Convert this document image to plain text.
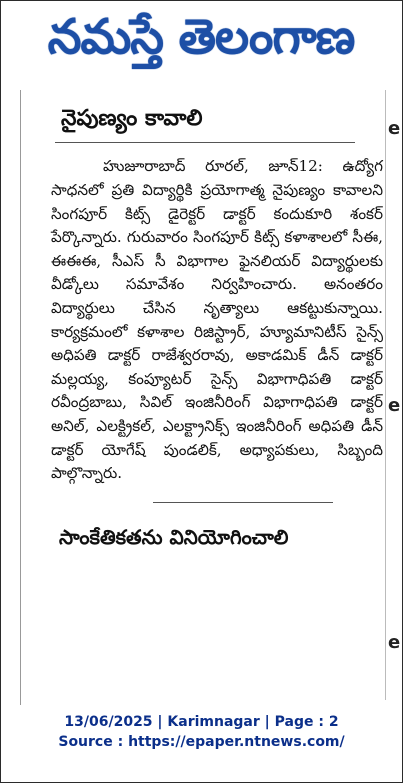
నమస్తే తెలంగాణ
నైపుణ్యం కావాలి
హుజూరాబాద్ రూరల్, జూన్12: ఉద్యోగ సాధనలో ప్రతి విద్యార్థికి ప్రయోగాత్మ నైపుణ్యం కావాలని సింగపూర్ కిట్స్ డైరెక్టర్ డాక్టర్ కందుకూరి శంకర్ పేర్కొన్నారు. గురువారం సింగపూర్ కిట్స్ కళాశాలలో సీఈ, ఈఈఈ, సీఎస్ సీ విభాగాల ఫైనలియర్ విద్యార్థులకు వీడ్కోలు సమావేశం నిర్వహించారు. అనంతరం విద్యార్థులు చేసిన నృత్యాలు ఆకట్టుకున్నాయి. కార్యక్రమంలో కళాశాల రిజిస్ట్రార్, హ్యూమానిటీస్ సైన్స్ అధిపతి డాక్టర్ రాజేశ్వరరావు, అకాడమిక్ డీన్ డాక్టర్ మల్లయ్య, కంప్యూటర్ సైన్స్ విభాగాధిపతి డాక్టర్ రవీంద్రబాబు, సివిల్ ఇంజినీరింగ్ విభాగాధిపతి డాక్టర్ అనిల్, ఎలక్ట్రికల్, ఎలక్ట్రానిక్స్ ఇంజినీరింగ్ అధిపతి డీన్ డాక్టర్ యోగేష్ పుండలిక్, అధ్యాపకులు, సిబ్బంది పాల్గొన్నారు.
సాంకేతికతను వినియోగించాలి
e
e
e
13/06/2025 | Karimnagar | Page : 2
Source : https://epaper.ntnews.com/
